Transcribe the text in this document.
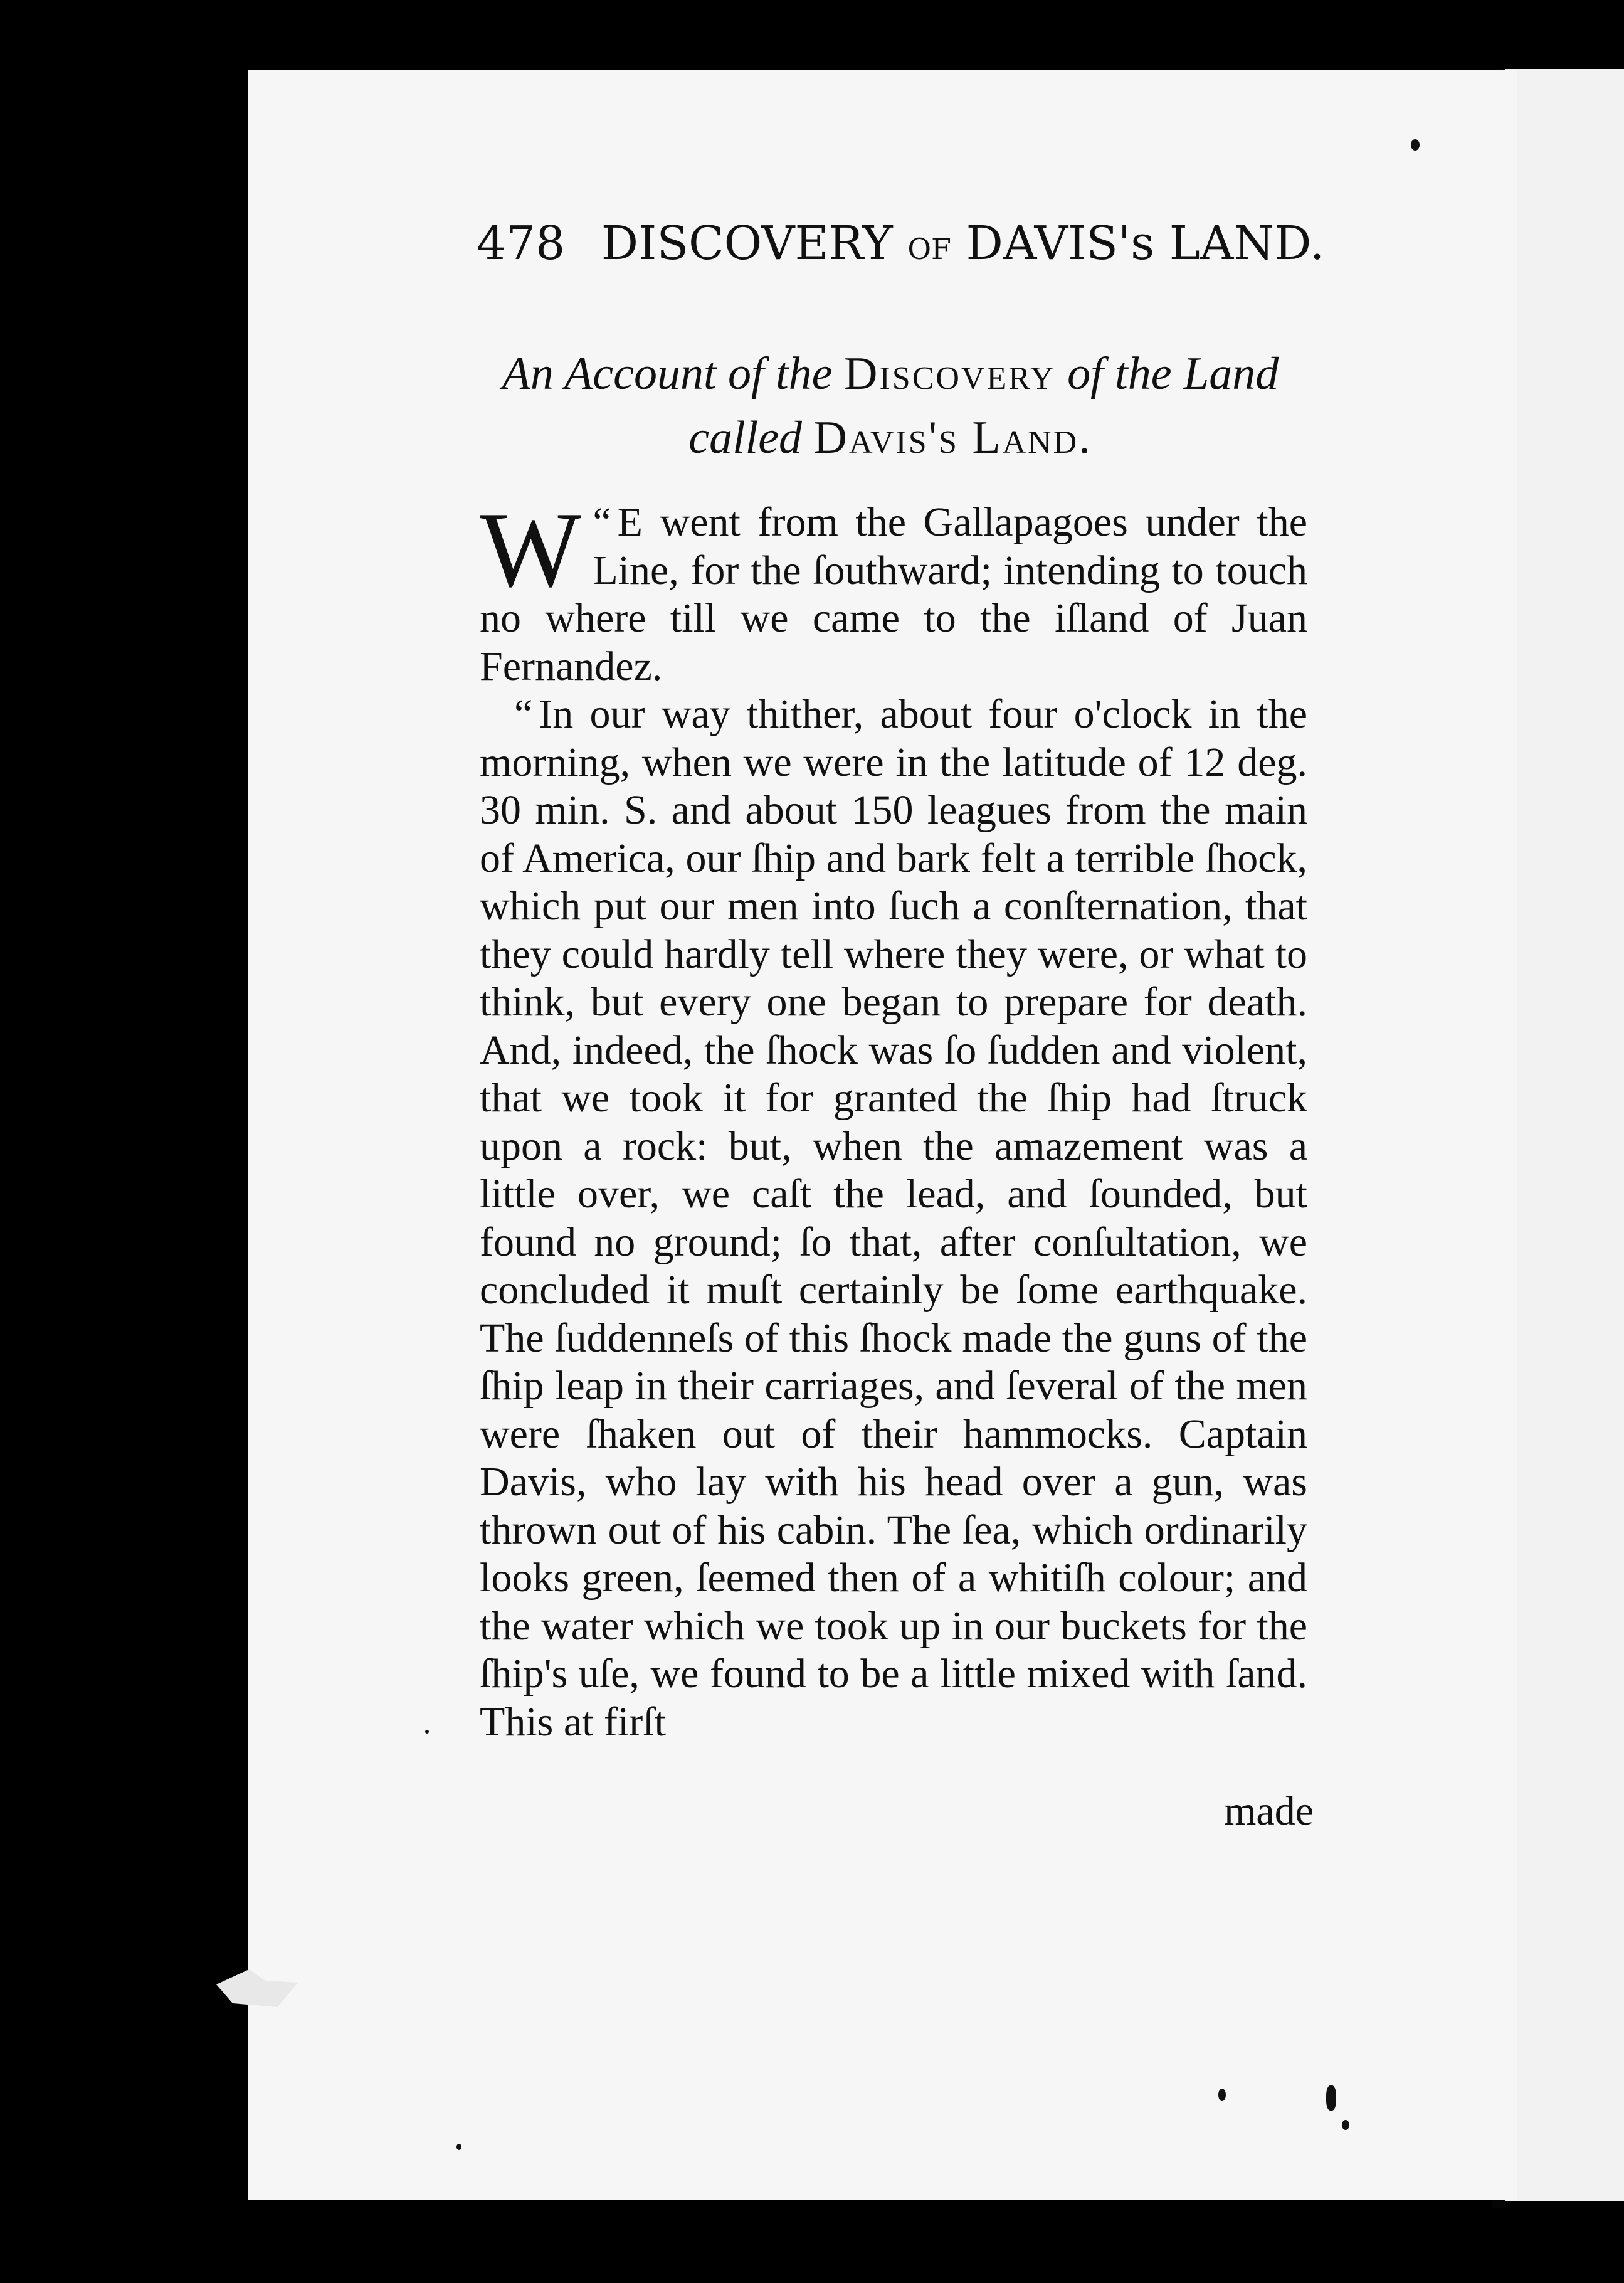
478 DISCOVERY OF DAVIS's LAND.
An Account of the Discovery of the Land
called Davis's Land.

“
W E went from the Gallapagoes under the Line, for the ſouthward; intending to touch no where till we came to the iſland of Juan Fernandez.

“ In our way thither, about four o'clock in the morning, when we were in the latitude of 12 deg. 30 min. S. and about 150 leagues from the main of America, our ſhip and bark felt a terrible ſhock, which put our men into ſuch a conſternation, that they could hardly tell where they were, or what to think, but every one began to prepare for death. And, indeed, the ſhock was ſo ſudden and violent, that we took it for granted the ſhip had ſtruck upon a rock: but, when the amazement was a little over, we caſt the lead, and ſounded, but found no ground; ſo that, after conſultation, we concluded it muſt certainly be ſome earthquake. The ſuddenneſs of this ſhock made the guns of the ſhip leap in their carriages, and ſeveral of the men were ſhaken out of their hammocks. Captain Davis, who lay with his head over a gun, was thrown out of his cabin. The ſea, which ordinarily looks green, ſeemed then of a whitiſh colour; and the water which we took up in our buckets for the ſhip's uſe, we found to be a little mixed with ſand. This at firſt

made
